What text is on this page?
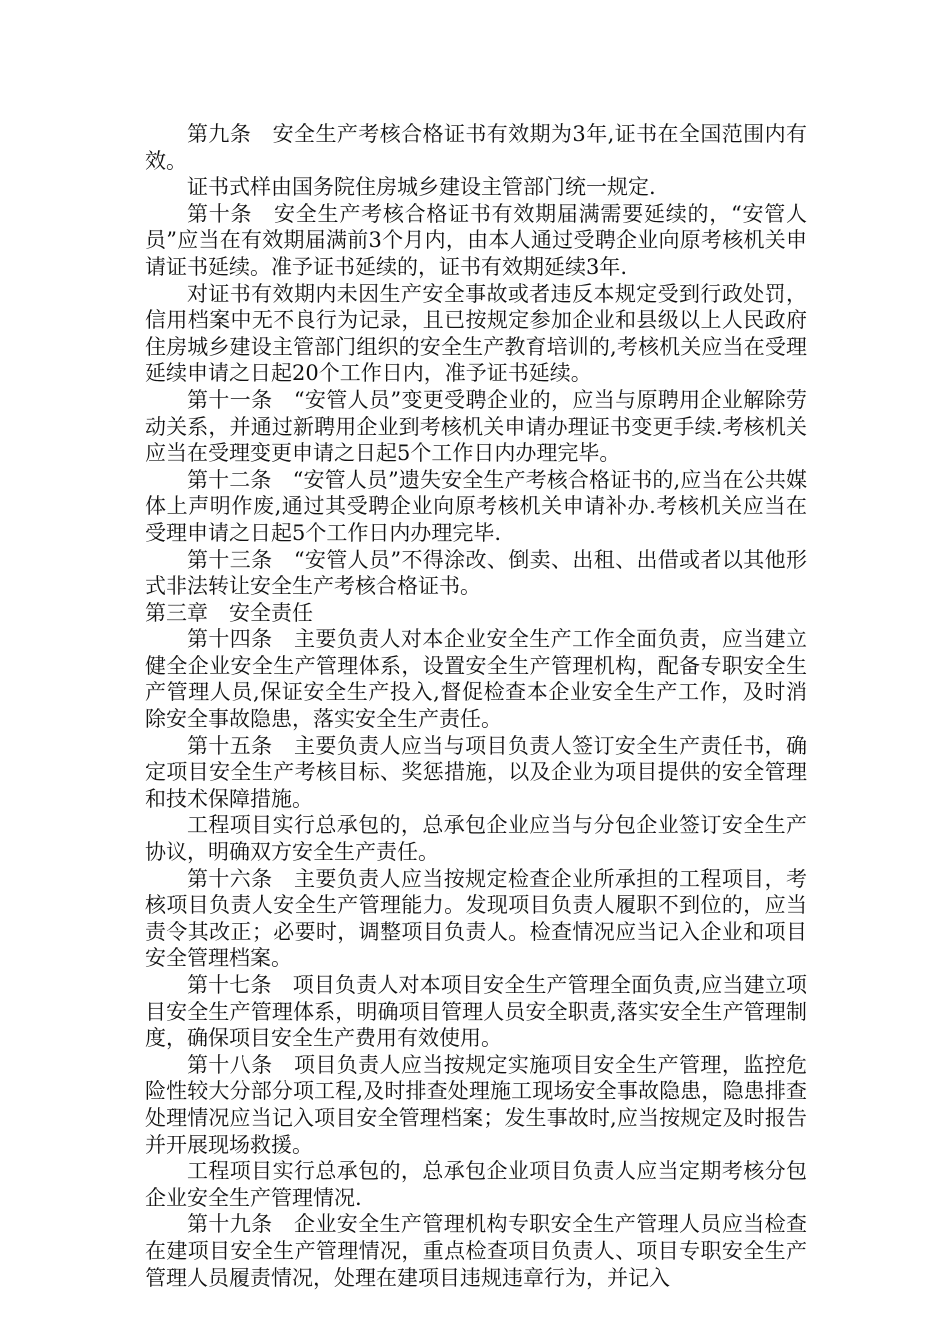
第九条　安全生产考核合格证书有效期为3年,证书在全国范围内有效。

证书式样由国务院住房城乡建设主管部门统一规定.

第十条　安全生产考核合格证书有效期届满需要延续的，“安管人员”应当在有效期届满前3个月内，由本人通过受聘企业向原考核机关申请证书延续。准予证书延续的，证书有效期延续3年.

对证书有效期内未因生产安全事故或者违反本规定受到行政处罚，信用档案中无不良行为记录，且已按规定参加企业和县级以上人民政府住房城乡建设主管部门组织的安全生产教育培训的,考核机关应当在受理延续申请之日起20个工作日内，准予证书延续。

第十一条　“安管人员”变更受聘企业的，应当与原聘用企业解除劳动关系，并通过新聘用企业到考核机关申请办理证书变更手续.考核机关应当在受理变更申请之日起5个工作日内办理完毕。

第十二条　“安管人员”遗失安全生产考核合格证书的,应当在公共媒体上声明作废,通过其受聘企业向原考核机关申请补办.考核机关应当在受理申请之日起5个工作日内办理完毕.

第十三条　“安管人员”不得涂改、倒卖、出租、出借或者以其他形式非法转让安全生产考核合格证书。

第三章　安全责任

第十四条　主要负责人对本企业安全生产工作全面负责，应当建立健全企业安全生产管理体系，设置安全生产管理机构，配备专职安全生产管理人员,保证安全生产投入,督促检查本企业安全生产工作，及时消除安全事故隐患，落实安全生产责任。

第十五条　主要负责人应当与项目负责人签订安全生产责任书，确定项目安全生产考核目标、奖惩措施，以及企业为项目提供的安全管理和技术保障措施。

工程项目实行总承包的，总承包企业应当与分包企业签订安全生产协议，明确双方安全生产责任。

第十六条　主要负责人应当按规定检查企业所承担的工程项目，考核项目负责人安全生产管理能力。发现项目负责人履职不到位的，应当责令其改正；必要时，调整项目负责人。检查情况应当记入企业和项目安全管理档案。

第十七条　项目负责人对本项目安全生产管理全面负责,应当建立项目安全生产管理体系，明确项目管理人员安全职责,落实安全生产管理制度，确保项目安全生产费用有效使用。

第十八条　项目负责人应当按规定实施项目安全生产管理，监控危险性较大分部分项工程,及时排查处理施工现场安全事故隐患，隐患排查处理情况应当记入项目安全管理档案；发生事故时,应当按规定及时报告并开展现场救援。

工程项目实行总承包的，总承包企业项目负责人应当定期考核分包企业安全生产管理情况.

第十九条　企业安全生产管理机构专职安全生产管理人员应当检查在建项目安全生产管理情况，重点检查项目负责人、项目专职安全生产管理人员履责情况，处理在建项目违规违章行为，并记入
